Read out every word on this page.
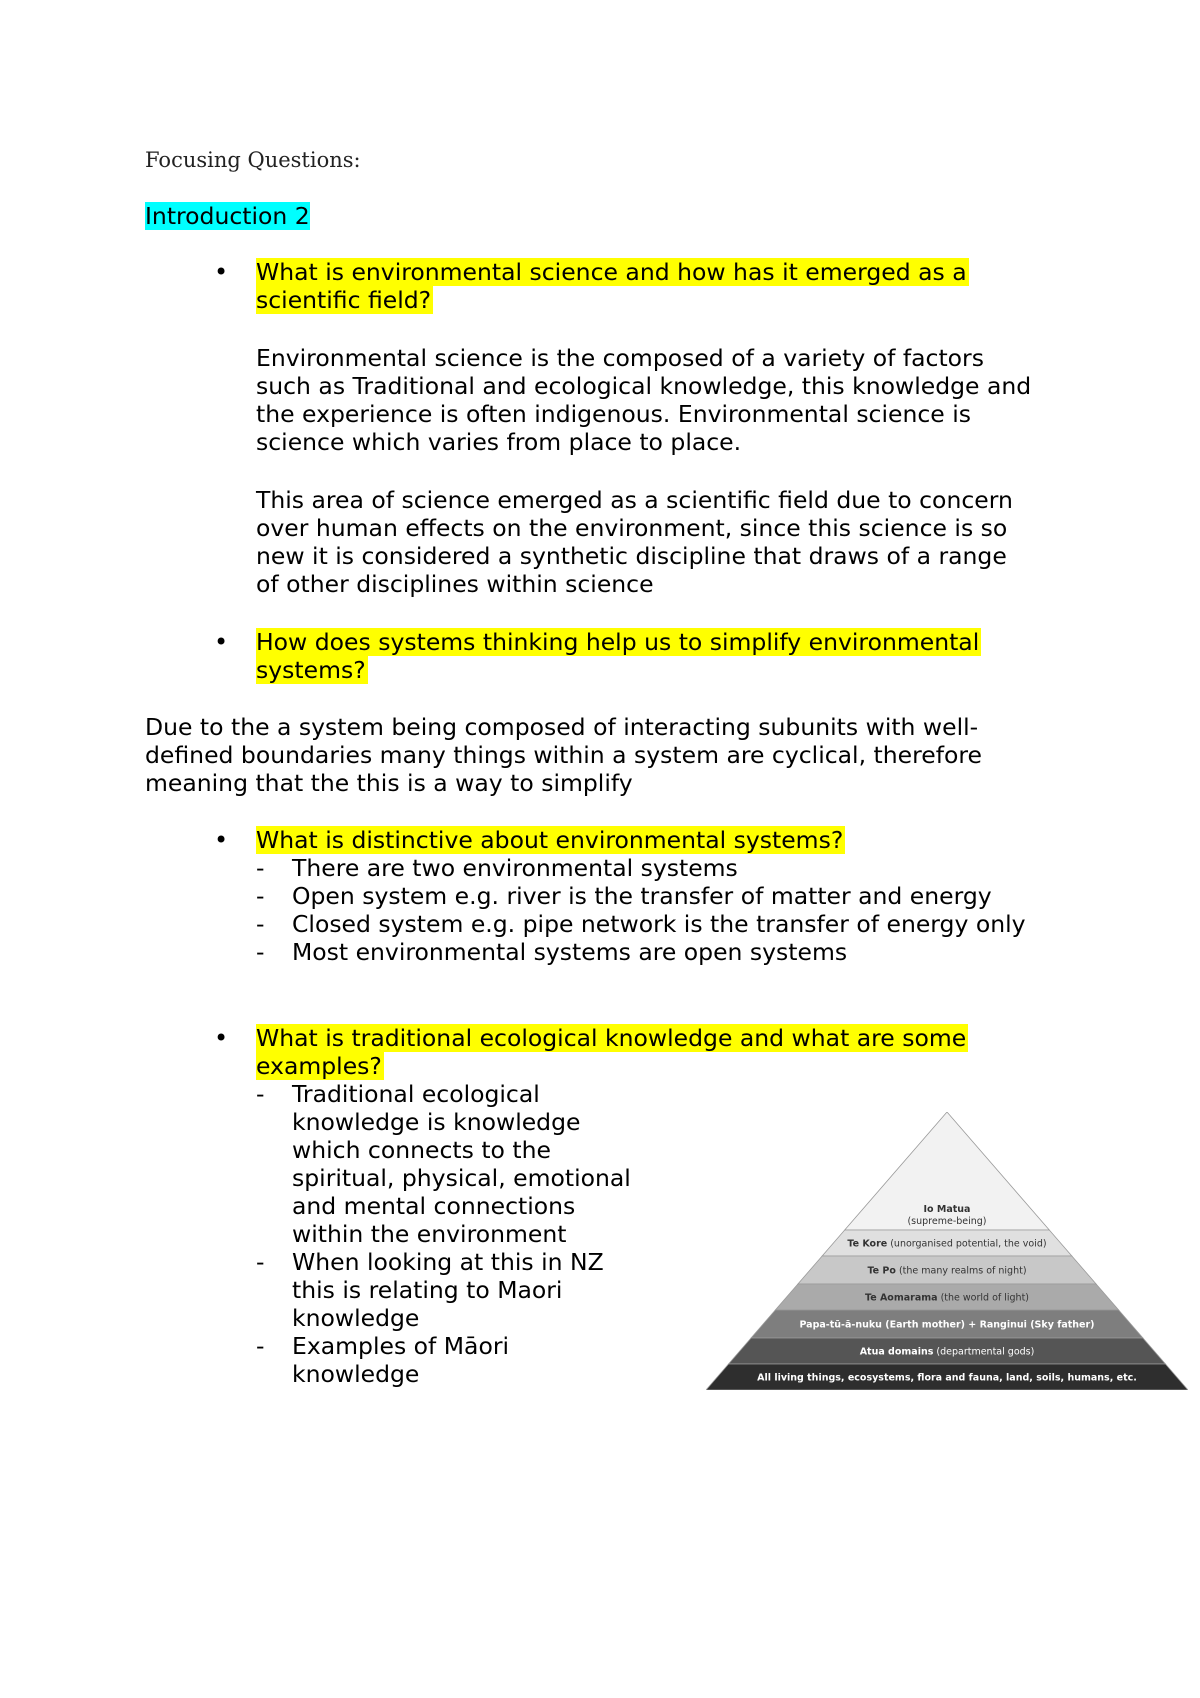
Focusing Questions:
Introduction 2
• What is environmental science and how has it emerged as a
scientific field?
Environmental science is the composed of a variety of factors
such as Traditional and ecological knowledge, this knowledge and
the experience is often indigenous. Environmental science is
science which varies from place to place.
This area of science emerged as a scientific field due to concern
over human effects on the environment, since this science is so
new it is considered a synthetic discipline that draws of a range
of other disciplines within science
• How does systems thinking help us to simplify environmental
systems?
Due to the a system being composed of interacting subunits with well-
defined boundaries many things within a system are cyclical, therefore
meaning that the this is a way to simplify
• What is distinctive about environmental systems?
- There are two environmental systems
- Open system e.g. river is the transfer of matter and energy
- Closed system e.g. pipe network is the transfer of energy only
- Most environmental systems are open systems
• What is traditional ecological knowledge and what are some
examples?
- Traditional ecological
knowledge is knowledge
which connects to the
spiritual, physical, emotional
and mental connections
within the environment
- When looking at this in NZ
this is relating to Maori
knowledge
- Examples of Māori
knowledge
Io Matua
(supreme-being)
Te Kore (unorganised potential, the void)
Te Po (the many realms of night)
Te Aomarama (the world of light)
Papa-tū-ā-nuku (Earth mother) + Ranginui (Sky father)
Atua domains (departmental gods)
All living things, ecosystems, flora and fauna, land, soils, humans, etc.
